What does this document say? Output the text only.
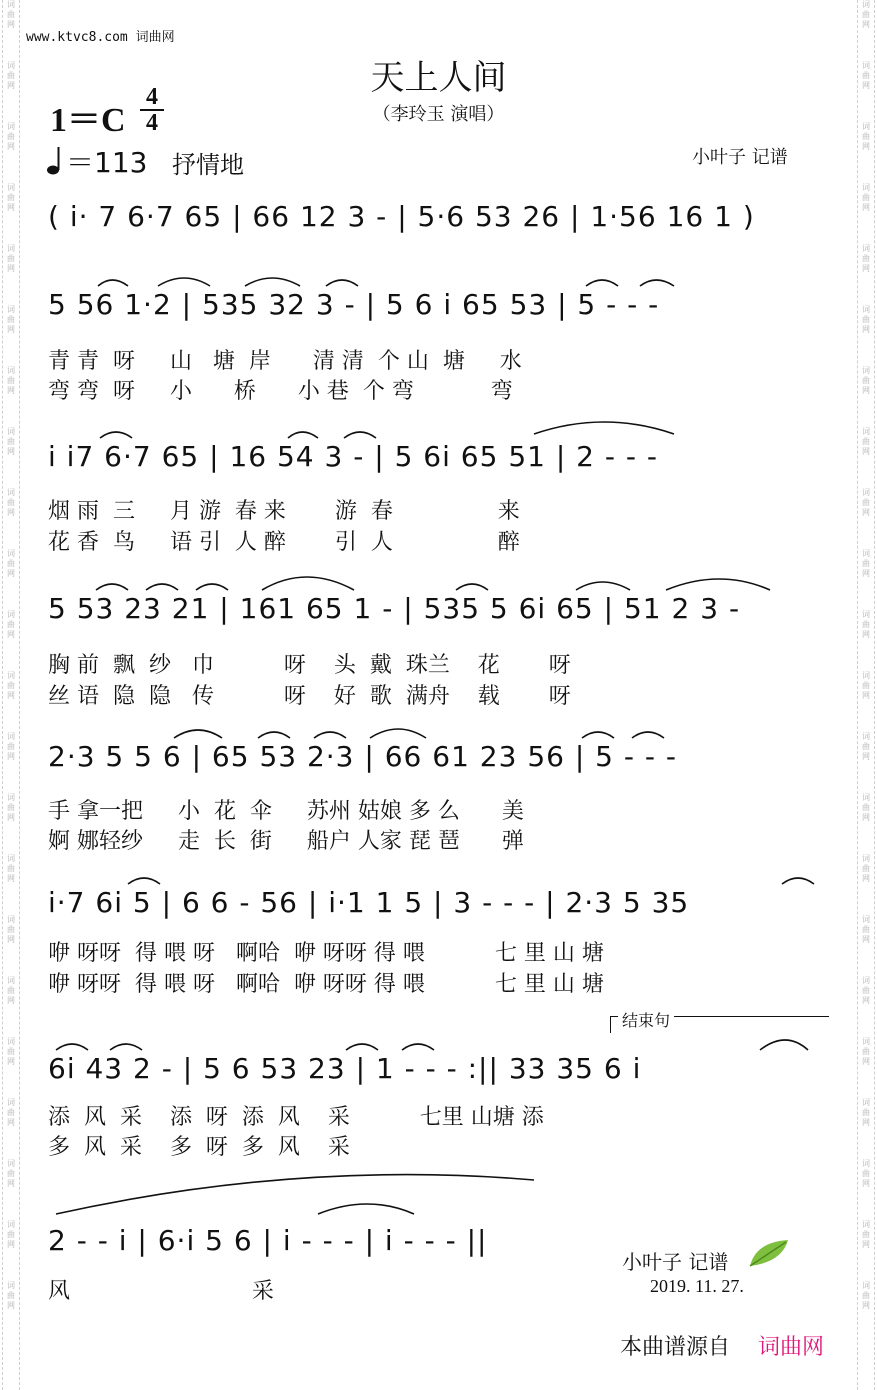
词
曲
网
词
曲
网
词
曲
网
词
曲
网
词
曲
网
词
曲
网
词
曲
网
词
曲
网
词
曲
网
词
曲
网
词
曲
网
词
曲
网
词
曲
网
词
曲
网
词
曲
网
词
曲
网
词
曲
网
词
曲
网
词
曲
网
词
曲
网
词
曲
网
词
曲
网
词
曲
网
词
曲
网
词
曲
网
词
曲
网
词
曲
网
词
曲
网
词
曲
网
词
曲
网
词
曲
网
词
曲
网
词
曲
网
词
曲
网
词
曲
网
词
曲
网
词
曲
网
词
曲
网
词
曲
网
词
曲
网
词
曲
网
词
曲
网
词
曲
网
词
曲
网
www.ktvc8.com 词曲网
天上人间
（李玲玉 演唱）
1＝C
4
4
＝113 抒情地	小叶子 记谱
( i· 7 6·7 65 | 66 12 3 - | 5·6 53 26 | 1·56 16 1 )
5 56 1·2 | 535 32 3 - | 5 6 i 65 53 | 5 - - -
青 青  呀     山   塘  岸      清 清  个 山  塘     水
弯 弯  呀     小      桥      小 巷  个 弯           弯
i i7 6·7 65 | 16 54 3 - | 5 6i 65 51 | 2 - - -
烟 雨  三     月 游  春 来       游  春               来
花 香  鸟     语 引  人 醉       引  人               醉
5 53 23 21 | 161 65 1 - | 535 5 6i 65 | 51 2 3 -
胸 前  飘  纱   巾          呀    头  戴  珠兰    花       呀
丝 语  隐  隐   传          呀    好  歌  满舟    载       呀
2·3 5 5 6 | 65 53 2·3 | 66 61 23 56 | 5 - - -
手 拿一把     小  花  伞     苏州 姑娘 多 么      美
婀 娜轻纱     走  长  街     船户 人家 琵 琶      弹
i·7 6i 5 | 6 6 - 56 | i·1 1 5 | 3 - - - | 2·3 5 35
咿 呀呀  得 喂 呀   啊哈  咿 呀呀 得 喂          七 里 山 塘
咿 呀呀  得 喂 呀   啊哈  咿 呀呀 得 喂          七 里 山 塘
结束句
6i 43 2 - | 5 6 53 23 | 1 - - - :|| 33 35 6 i
添  风  采    添  呀  添  风    采          七里 山塘 添
多  风  采    多  呀  多  风    采
2 - - i | 6·i 5 6 | i - - - | i - - - ||
风                          采
小叶子 记谱
2019. 11. 27.
本曲谱源自 词曲网
